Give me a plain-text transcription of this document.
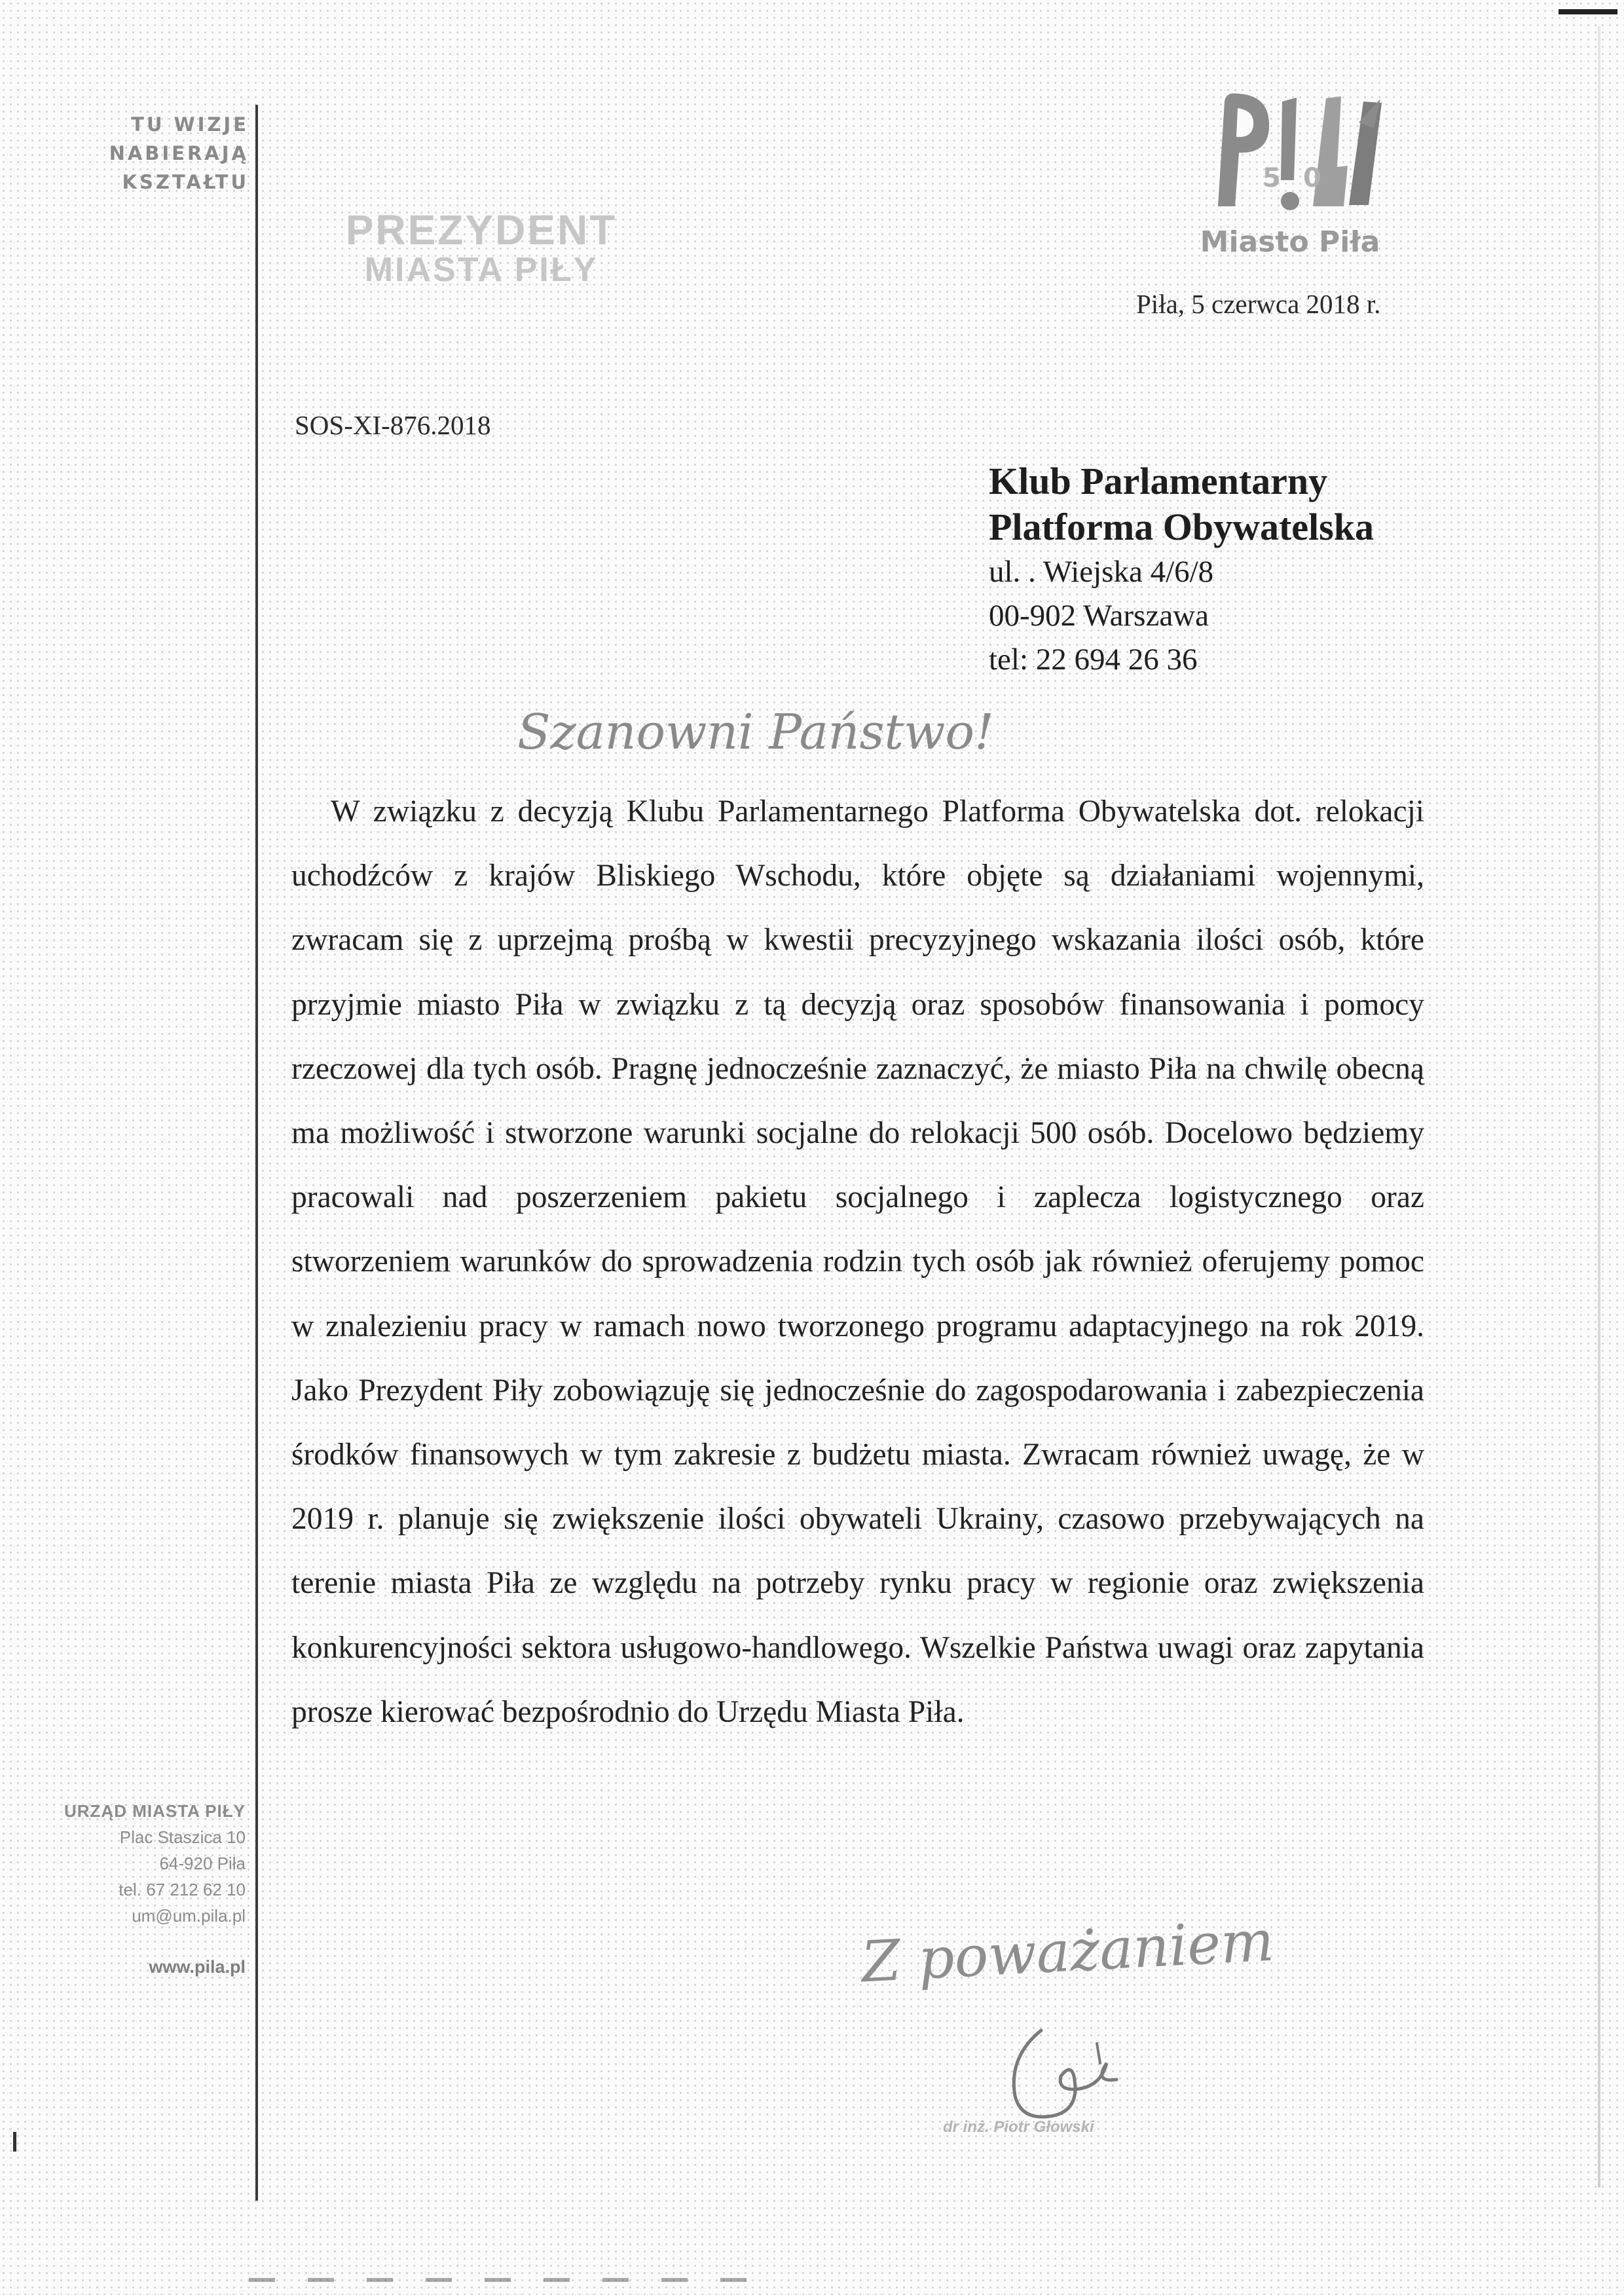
TU WIZJE
NABIERAJĄ
KSZTAŁTU
PREZYDENT
MIASTA PIŁY
5 0
Miasto Piła
Piła, 5 czerwca 2018 r.
SOS-XI-876.2018
Klub Parlamentarny
Platforma Obywatelska
ul. . Wiejska 4/6/8
00-902 Warszawa
tel: 22 694 26 36
Szanowni Państwo!

W związku z decyzją Klubu Parlamentarnego Platforma Obywatelska dot. relokacji uchodźców z krajów Bliskiego Wschodu, które objęte są działaniami wojennymi, zwracam się z uprzejmą prośbą w kwestii precyzyjnego wskazania ilości osób, które przyjmie miasto Piła w związku z tą decyzją oraz sposobów finansowania i pomocy rzeczowej dla tych osób. Pragnę jednocześnie zaznaczyć, że miasto Piła na chwilę obecną ma możliwość i stworzone warunki socjalne do relokacji 500 osób. Docelowo będziemy pracowali nad poszerzeniem pakietu socjalnego i zaplecza logistycznego oraz stworzeniem warunków do sprowadzenia rodzin tych osób jak również oferujemy pomoc w znalezieniu pracy w ramach nowo tworzonego programu adaptacyjnego na rok 2019. Jako Prezydent Piły zobowiązuję się jednocześnie do zagospodarowania i zabezpieczenia środków finansowych w tym zakresie z budżetu miasta. Zwracam również uwagę, że w 2019 r. planuje się zwiększenie ilości obywateli Ukrainy, czasowo przebywających na terenie miasta Piła ze względu na potrzeby rynku pracy w regionie oraz zwiększenia konkurencyjności sektora usługowo-handlowego. Wszelkie Państwa uwagi oraz zapytania prosze kierować bezpośrodnio do Urzędu Miasta Piła.

Z poważaniem
dr inż. Piotr Głowski
URZĄD MIASTA PIŁY
Plac Staszica 10
64-920 Piła
tel. 67 212 62 10
um@um.pila.pl
www.pila.pl
